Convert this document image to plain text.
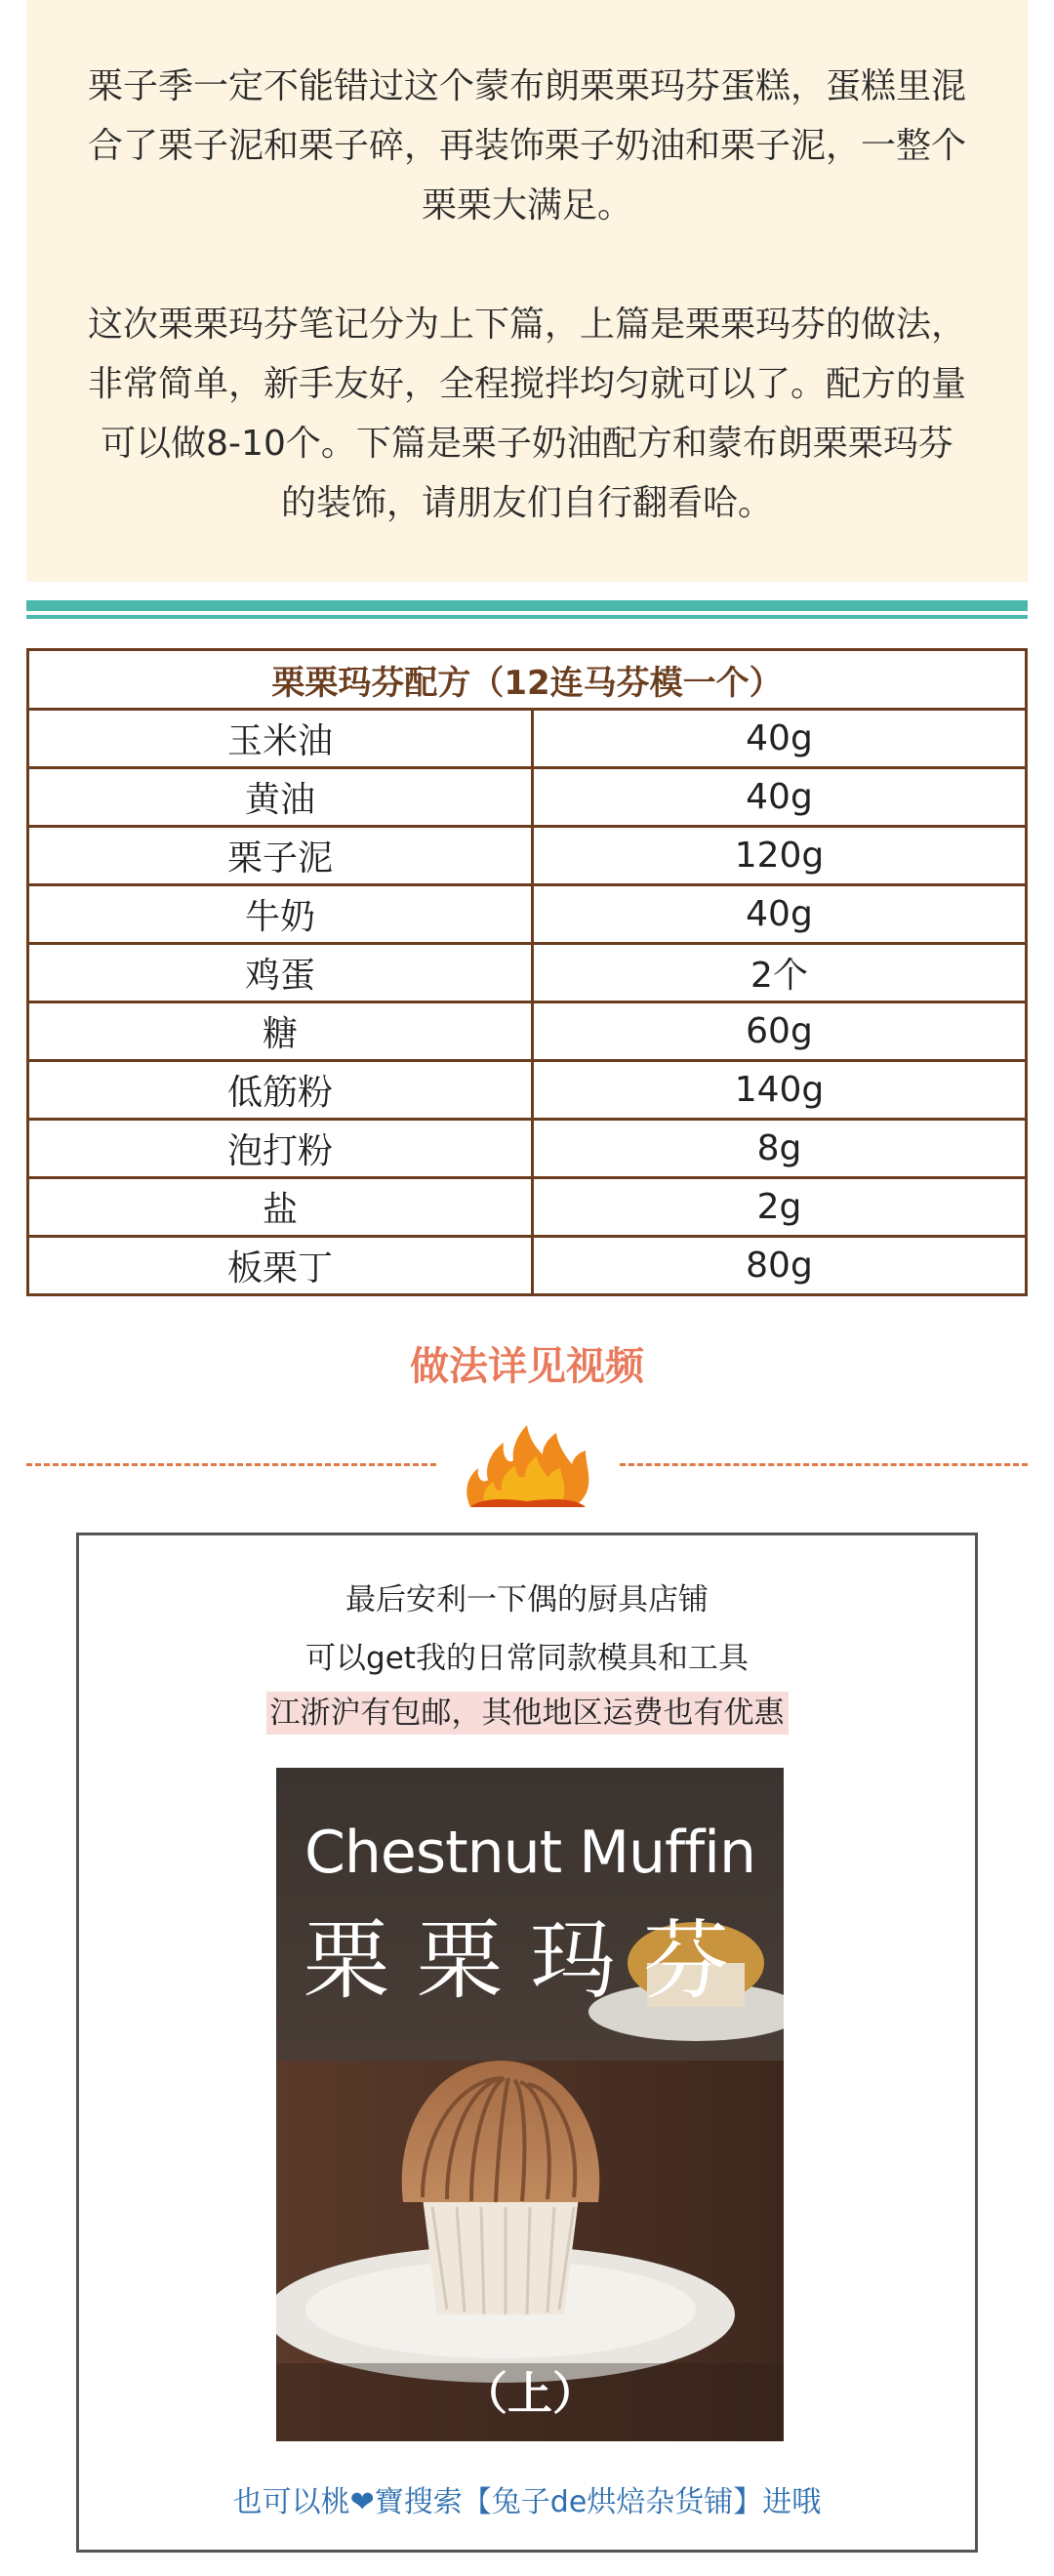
栗子季一定不能错过这个蒙布朗栗栗玛芬蛋糕，蛋糕里混合了栗子泥和栗子碎，再装饰栗子奶油和栗子泥，一整个栗栗大满足。

这次栗栗玛芬笔记分为上下篇，上篇是栗栗玛芬的做法，非常简单，新手友好，全程搅拌均匀就可以了。配方的量可以做8-10个。下篇是栗子奶油配方和蒙布朗栗栗玛芬的装饰，请朋友们自行翻看哈。

栗栗玛芬配方（12连马芬模一个）	
玉米油	40g
黄油	40g
栗子泥	120g
牛奶	40g
鸡蛋	2个
糖	60g
低筋粉	140g
泡打粉	8g
盐	2g
板栗丁	80g
做法详见视频
最后安利一下偶的厨具店铺
可以get我的日常同款模具和工具
江浙沪有包邮，其他地区运费也有优惠
Chestnut Muffin
栗栗玛芬
（上）
也可以桃❤寶搜索【兔子de烘焙杂货铺】进哦
